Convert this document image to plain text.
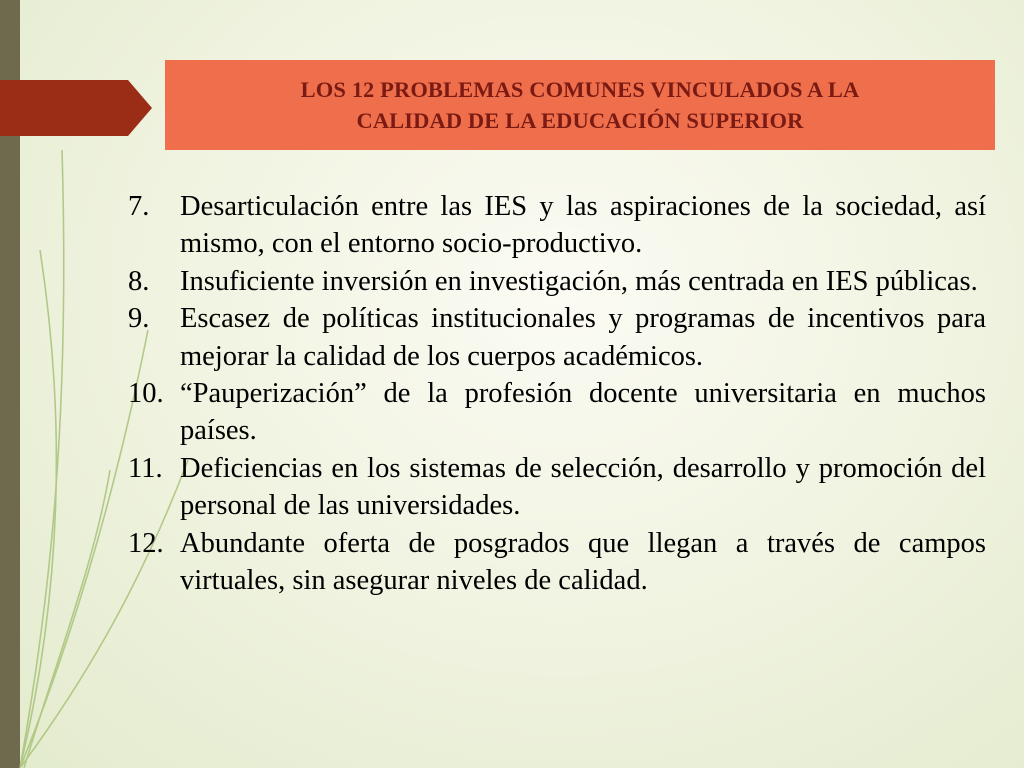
LOS 12 PROBLEMAS COMUNES VINCULADOS A LA
CALIDAD DE LA EDUCACIÓN SUPERIOR
7.	Desarticulación entre las IES y las aspiraciones de la sociedad, así mismo, con el entorno socio-productivo.
8.	Insuficiente inversión en investigación, más centrada en IES públicas.
9.	Escasez de políticas institucionales y programas de incentivos para mejorar la calidad de los cuerpos académicos.
10. “Pauperización” de la profesión docente universitaria en muchos países.
11. Deficiencias en los sistemas de selección, desarrollo y promoción del personal de las universidades.
12. Abundante oferta de posgrados que llegan a través de campos virtuales, sin asegurar niveles de calidad.
